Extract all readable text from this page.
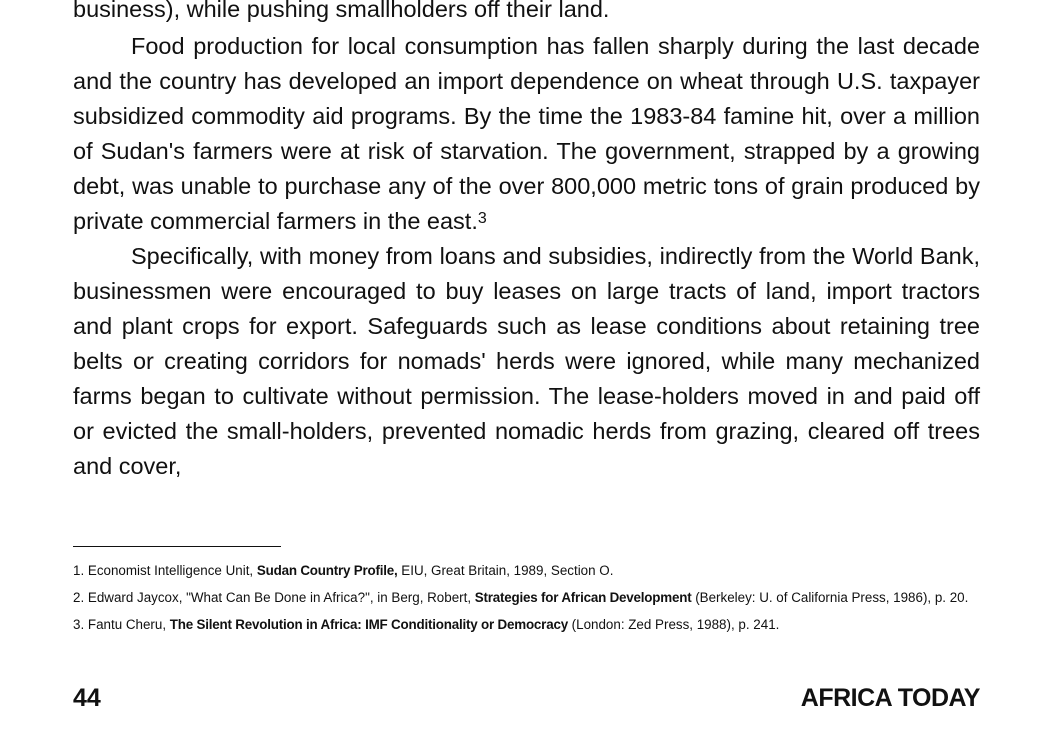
business), while pushing smallholders off their land.

Food production for local consumption has fallen sharply during the last decade and the country has developed an import dependence on wheat through U.S. taxpayer subsidized commodity aid programs. By the time the 1983-84 famine hit, over a million of Sudan's farmers were at risk of starvation. The government, strapped by a growing debt, was unable to purchase any of the over 800,000 metric tons of grain produced by private commercial farmers in the east.$^3$

Specifically, with money from loans and subsidies, indirectly from the World Bank, businessmen were encouraged to buy leases on large tracts of land, import tractors and plant crops for export. Safeguards such as lease conditions about retaining tree belts or creating corridors for nomads' herds were ignored, while many mechanized farms began to cultivate without permission. The lease-holders moved in and paid off or evicted the small-holders, prevented nomadic herds from grazing, cleared off trees and cover,

1. Economist Intelligence Unit, Sudan Country Profile, EIU, Great Britain, 1989, Section O.
2. Edward Jaycox, "What Can Be Done in Africa?", in Berg, Robert, Strategies for African Development (Berkeley: U. of California Press, 1986), p. 20.
3. Fantu Cheru, The Silent Revolution in Africa: IMF Conditionality or Democracy (London: Zed Press, 1988), p. 241.
44	AFRICA TODAY
